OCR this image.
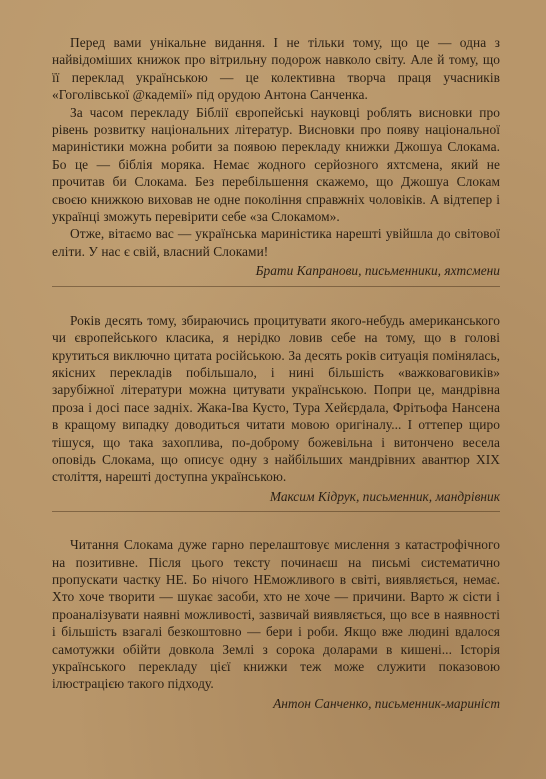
Перед вами унікальне видання. І не тільки тому, що це — одна з найвідоміших книжок про вітрильну подорож навколо світу. Але й тому, що її переклад українською — це колективна творча праця учасників «Гоголівської @кадемії» під орудою Антона Санченка.

За часом перекладу Біблії європейські науковці роблять висновки про рівень розвитку національних літератур. Висновки про появу національної мариністики можна робити за появою перекладу книжки Джошуа Слокама. Бо це — біблія моряка. Немає жодного серйозного яхтсмена, який не прочитав би Слокама. Без перебільшення скажемо, що Джошуа Слокам своєю книжкою виховав не одне покоління справжніх чоловіків. А відтепер і українці зможуть перевірити себе «за Слокамом».

Отже, вітаємо вас — українська мариністика нарешті увійшла до світової еліти. У нас є свій, власний Слоками!

Брати Капранови, письменники, яхтсмени

Років десять тому, збираючись процитувати якого-небудь американського чи європейського класика, я нерідко ловив себе на тому, що в голові крутиться виключно цитата російською. За десять років ситуація помінялась, якісних перекладів побільшало, і нині більшість «важковаговиків» зарубіжної літератури можна цитувати українською. Попри це, мандрівна проза і досі пасе задніх. Жака-Іва Кусто, Тура Хейєрдала, Фрітьофа Нансена в кращому випадку доводиться читати мовою оригіналу... І оттепер щиро тішуся, що така захоплива, по-доброму божевільна і витончено весела оповідь Слокама, що описує одну з найбільших мандрівних авантюр XIX століття, нарешті доступна українською.

Максим Кідрук, письменник, мандрівник

Читання Слокама дуже гарно перелаштовує мислення з катастрофічного на позитивне. Після цього тексту починаєш на письмі систематично пропускати частку НЕ. Бо нічого НЕможливого в світі, виявляється, немає. Хто хоче творити — шукає засоби, хто не хоче — причини. Варто ж сісти і проаналізувати наявні можливості, зазвичай виявляється, що все в наявності і більшість взагалі безкоштовно — бери і роби. Якщо вже людині вдалося самотужки обійти довкола Землі з сорока доларами в кишені... Історія українського перекладу цієї книжки теж може служити показовою ілюстрацією такого підходу.

Антон Санченко, письменник-мариніст
